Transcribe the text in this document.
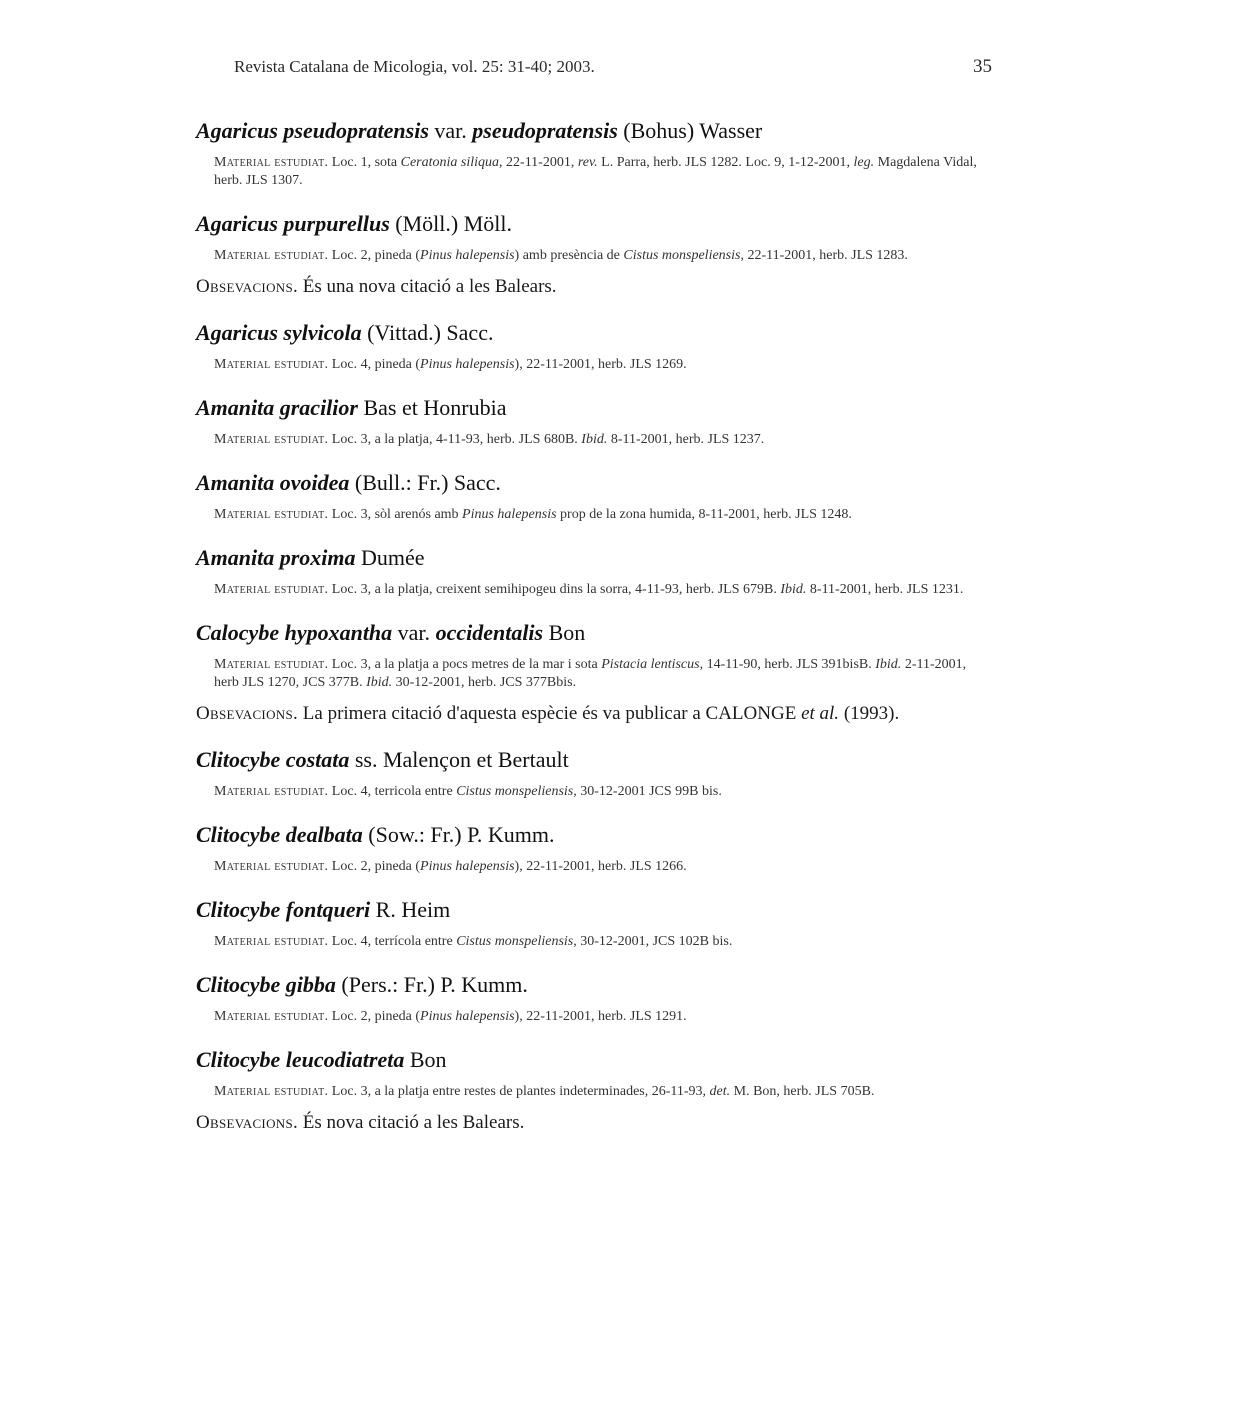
Revista Catalana de Micologia, vol. 25: 31-40; 2003.	35
Agaricus pseudopratensis var. pseudopratensis (Bohus) Wasser
Material estudiat. Loc. 1, sota Ceratonia siliqua, 22-11-2001, rev. L. Parra, herb. JLS 1282. Loc. 9, 1-12-2001, leg. Magdalena Vidal, herb. JLS 1307.
Agaricus purpurellus (Möll.) Möll.
Material estudiat. Loc. 2, pineda (Pinus halepensis) amb presència de Cistus monspeliensis, 22-11-2001, herb. JLS 1283.
Obsevacions. És una nova citació a les Balears.
Agaricus sylvicola (Vittad.) Sacc.
Material estudiat. Loc. 4, pineda (Pinus halepensis), 22-11-2001, herb. JLS 1269.
Amanita gracilior Bas et Honrubia
Material estudiat. Loc. 3, a la platja, 4-11-93, herb. JLS 680B. Ibid. 8-11-2001, herb. JLS 1237.
Amanita ovoidea (Bull.: Fr.) Sacc.
Material estudiat. Loc. 3, sòl arenós amb Pinus halepensis prop de la zona humida, 8-11-2001, herb. JLS 1248.
Amanita proxima Dumée
Material estudiat. Loc. 3, a la platja, creixent semihipogeu dins la sorra, 4-11-93, herb. JLS 679B. Ibid. 8-11-2001, herb. JLS 1231.
Calocybe hypoxantha var. occidentalis Bon
Material estudiat. Loc. 3, a la platja a pocs metres de la mar i sota Pistacia lentiscus, 14-11-90, herb. JLS 391bisB. Ibid. 2-11-2001, herb JLS 1270, JCS 377B. Ibid. 30-12-2001, herb. JCS 377Bbis.
Obsevacions. La primera citació d'aquesta espècie és va publicar a CALONGE et al. (1993).
Clitocybe costata ss. Malençon et Bertault
Material estudiat. Loc. 4, terricola entre Cistus monspeliensis, 30-12-2001 JCS 99B bis.
Clitocybe dealbata (Sow.: Fr.) P. Kumm.
Material estudiat. Loc. 2, pineda (Pinus halepensis), 22-11-2001, herb. JLS 1266.
Clitocybe fontqueri R. Heim
Material estudiat. Loc. 4, terrícola entre Cistus monspeliensis, 30-12-2001, JCS 102B bis.
Clitocybe gibba (Pers.: Fr.) P. Kumm.
Material estudiat. Loc. 2, pineda (Pinus halepensis), 22-11-2001, herb. JLS 1291.
Clitocybe leucodiatreta Bon
Material estudiat. Loc. 3, a la platja entre restes de plantes indeterminades, 26-11-93, det. M. Bon, herb. JLS 705B.
Obsevacions. És nova citació a les Balears.
